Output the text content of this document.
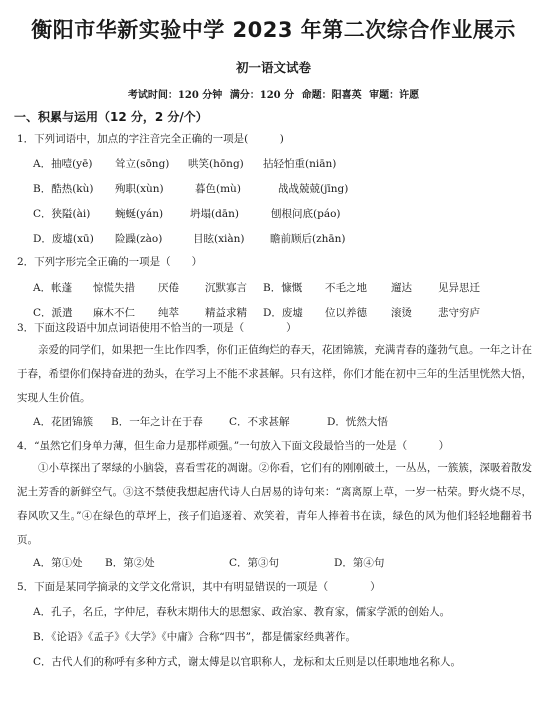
衡阳市华新实验中学 2023 年第二次综合作业展示
初一语文试卷
考试时间：120 分钟 满分：120 分 命题：阳喜英 审题：许愿
一、积累与运用（12 分，2 分/个）
1．下列词语中，加点的字注音完全正确的一项是(　　　)
A．抽噎(yē) 耸立(sōng) 哄笑(hōng) 拈轻怕重(niān)
B．酷热(kù) 殉职(xùn)	暮色(mù)	战战兢兢(jīng)
C．狭隘(ài) 蜿蜒(yán)	坍塌(dān)	刨根问底(páo)
D．废墟(xū) 险躁(zào)	目眩(xiàn) 瞻前顾后(zhān)
2．下列字形完全正确的一项是（　　）
A．帐蓬 惊慌失措 厌倦 沉默寡言 B．慷慨 不毛之地 遛达 见异思迁
C．派遣 麻木不仁 纯萃 精益求精 D．废墟 位以养德 滚烫 悲守穷庐
3．下面这段语中加点词语使用不恰当的一项是（　　　　）

亲爱的同学们，如果把一生比作四季，你们正值绚烂的春天，花团锦簇，充满青春的蓬勃气息。一年之计在于春，希望你们保持奋进的劲头，在学习上不能不求甚解。只有这样，你们才能在初中三年的生活里恍然大悟，实现人生价值。

A．花团锦簇 B．一年之计在于春	C．不求甚解	D．恍然大悟
4．“虽然它们身单力薄，但生命力是那样顽强。”一句放入下面文段最恰当的一处是（　　　）

①小草探出了翠绿的小脑袋，喜看雪花的凋谢。②你看，它们有的刚刚破土，一丛丛，一簇簇，深吸着散发泥土芳香的新鲜空气。③这不禁使我想起唐代诗人白居易的诗句来：“离离原上草，一岁一枯荣。野火烧不尽，春风吹又生。”④在绿色的草坪上，孩子们追逐着、欢笑着，青年人捧着书在读，绿色的风为他们轻轻地翻着书页。

A．第①处 B．第②处	C．第③句	D．第④句
5．下面是某同学摘录的文学文化常识，其中有明显错误的一项是（　　　　）
A．孔子，名丘，字仲尼，春秋末期伟大的思想家、政治家、教育家，儒家学派的创始人。
B．《论语》《孟子》《大学》《中庸》合称“四书”，都是儒家经典著作。
C．古代人们的称呼有多种方式，谢太傅是以官职称人，龙标和太丘则是以任职地地名称人。
